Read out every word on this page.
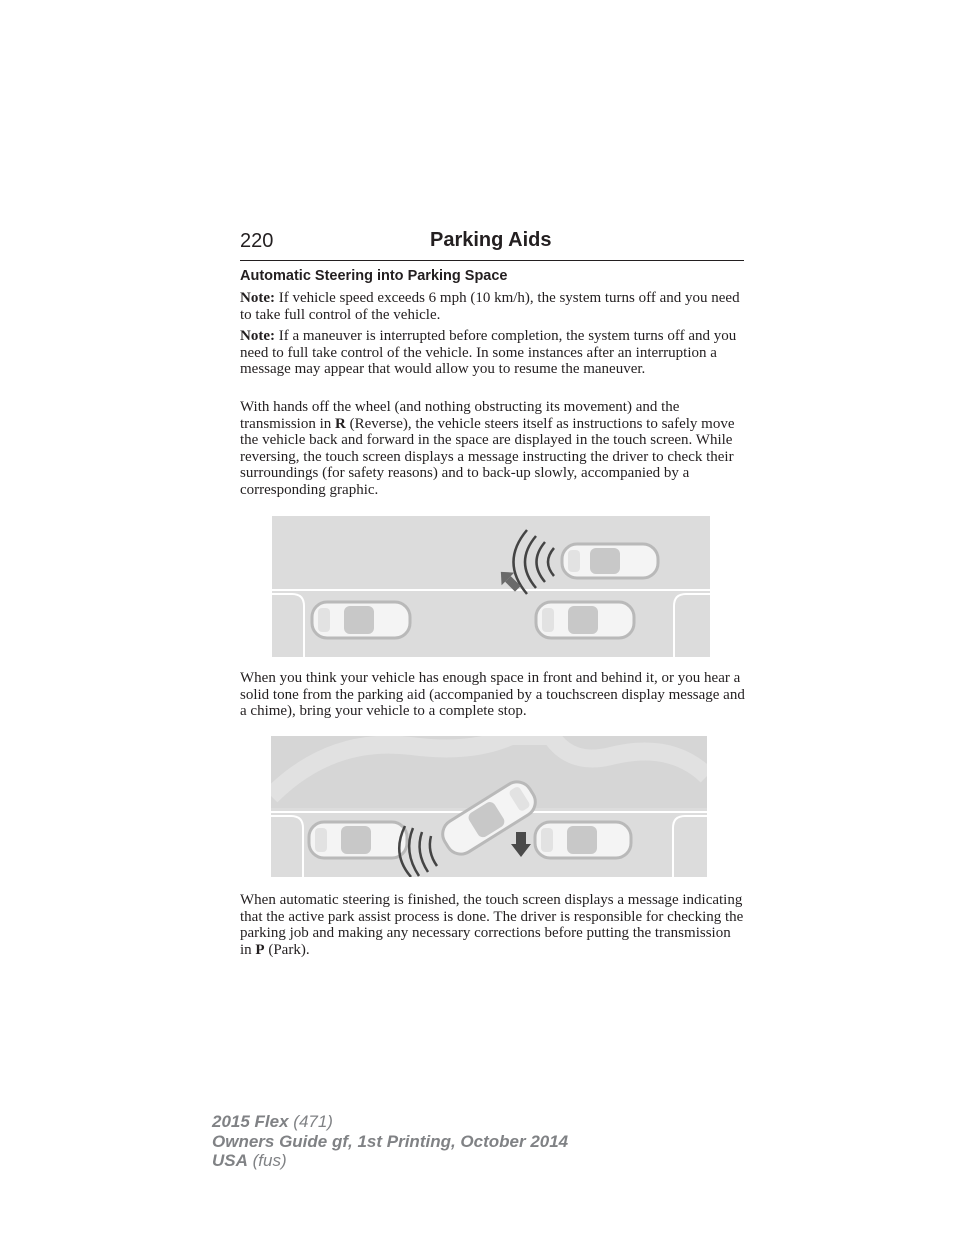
220	Parking Aids
Automatic Steering into Parking Space

Note: If vehicle speed exceeds 6 mph (10 km/h), the system turns off and you need to take full control of the vehicle.

Note: If a maneuver is interrupted before completion, the system turns off and you need to full take control of the vehicle. In some instances after an interruption a message may appear that would allow you to resume the maneuver.

With hands off the wheel (and nothing obstructing its movement) and the transmission in R (Reverse), the vehicle steers itself as instructions to safely move the vehicle back and forward in the space are displayed in the touch screen. While reversing, the touch screen displays a message instructing the driver to check their surroundings (for safety reasons) and to back-up slowly, accompanied by a corresponding graphic.

When you think your vehicle has enough space in front and behind it, or you hear a solid tone from the parking aid (accompanied by a touchscreen display message and a chime), bring your vehicle to a complete stop.

When automatic steering is finished, the touch screen displays a message indicating that the active park assist process is done. The driver is responsible for checking the parking job and making any necessary corrections before putting the transmission in P (Park).

2015 Flex (471)
Owners Guide gf, 1st Printing, October 2014
USA (fus)
